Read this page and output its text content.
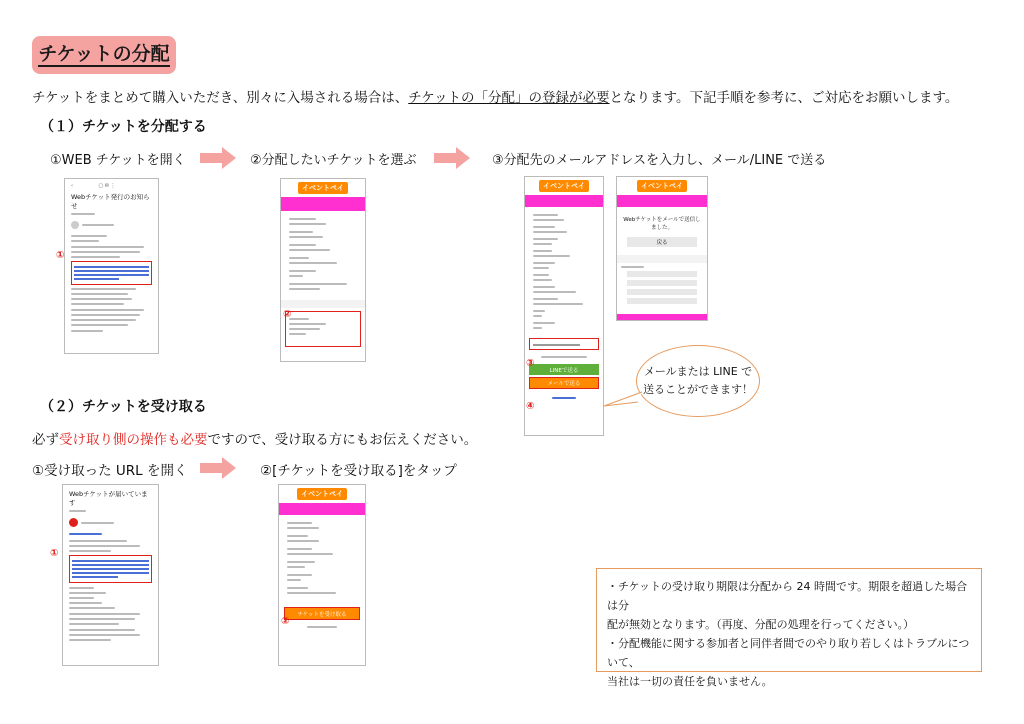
チケットの分配
チケットをまとめて購入いただき、別々に入場される場合は、チケットの「分配」の登録が必要となります。下記手順を参考に、ご対応をお願いします。
（１）チケットを分配する
①WEB チケットを開く	②分配したいチケットを選ぶ	③分配先のメールアドレスを入力し、メール/LINE で送る
‹                ▢ ✉ ⋮
Webチケット発行のお知らせ
①
イベントペイ
②
イベントペイ
LINEで送る
メールで送る
③
④
イベントペイ
Webチケットをメールで送信しました。
戻る
メールまたは LINE で
送ることができます！
（２）チケットを受け取る
必ず受け取り側の操作も必要ですので、受け取る方にもお伝えください。
①受け取った URL を開く	②[チケットを受け取る]をタップ
Webチケットが届いています
①
イベントペイ
チケットを受け取る
②
・チケットの受け取り期限は分配から 24 時間です。期限を超過した場合は分
配が無効となります。（再度、分配の処理を行ってください。）
・分配機能に関する参加者と同伴者間でのやり取り若しくはトラブルについて、
当社は一切の責任を負いません。
